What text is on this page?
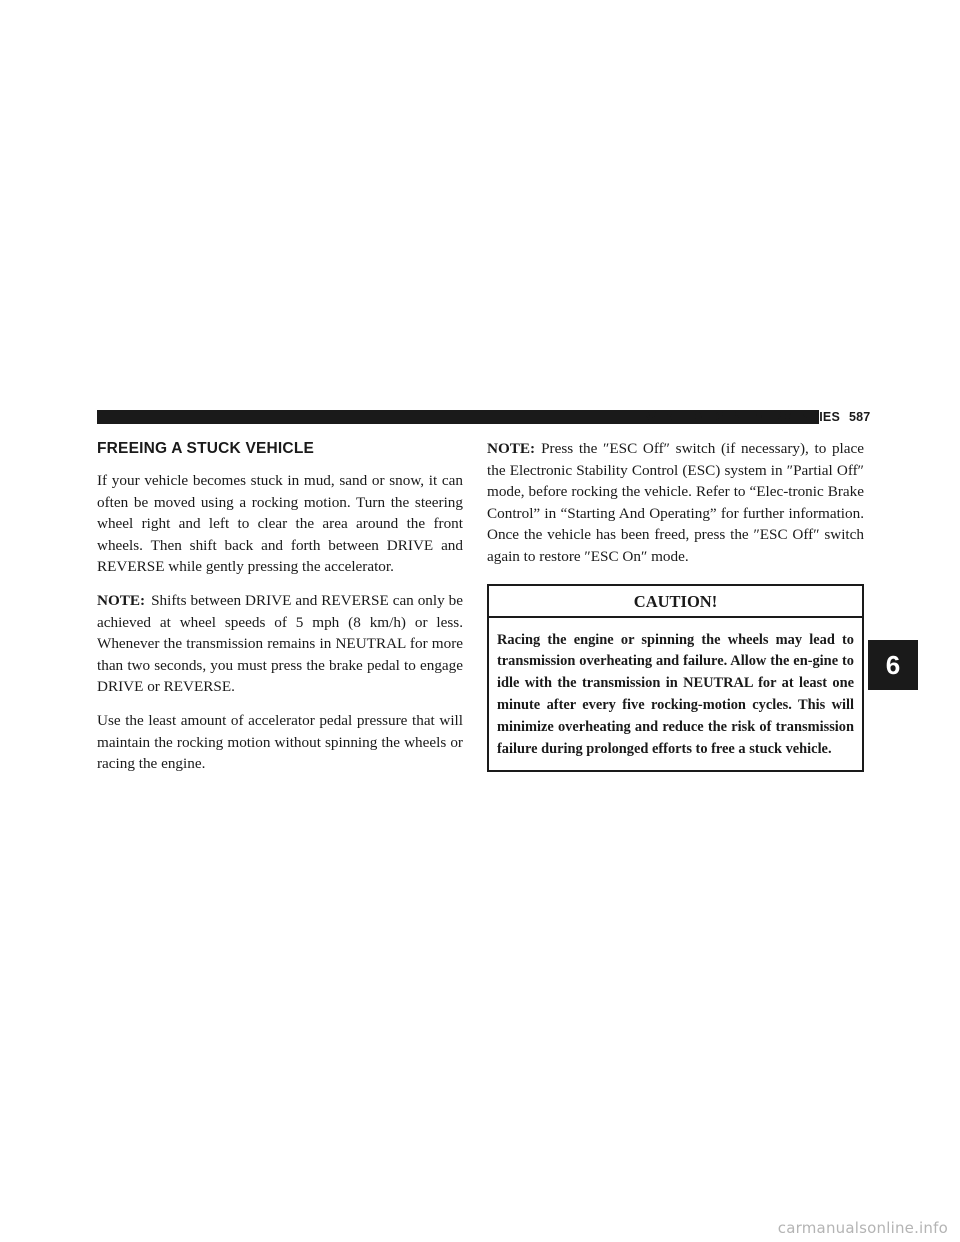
WHAT TO DO IN EMERGENCIES 587
FREEING A STUCK VEHICLE

If your vehicle becomes stuck in mud, sand or snow, it can often be moved using a rocking motion. Turn the steering wheel right and left to clear the area around the front wheels. Then shift back and forth between DRIVE and REVERSE while gently pressing the accelerator.

NOTE: Shifts between DRIVE and REVERSE can only be achieved at wheel speeds of 5 mph (8 km/h) or less. Whenever the transmission remains in NEUTRAL for more than two seconds, you must press the brake pedal to engage DRIVE or REVERSE.

Use the least amount of accelerator pedal pressure that will maintain the rocking motion without spinning the wheels or racing the engine.

NOTE: Press the ″ESC Off″ switch (if necessary), to place the Electronic Stability Control (ESC) system in ″Partial Off″ mode, before rocking the vehicle. Refer to “Elec-tronic Brake Control” in “Starting And Operating” for further information. Once the vehicle has been freed, press the ″ESC Off″ switch again to restore ″ESC On″ mode.

CAUTION!
Racing the engine or spinning the wheels may lead to transmission overheating and failure. Allow the en-gine to idle with the transmission in NEUTRAL for at least one minute after every five rocking-motion cycles. This will minimize overheating and reduce the risk of transmission failure during prolonged efforts to free a stuck vehicle.
6
carmanualsonline.info
